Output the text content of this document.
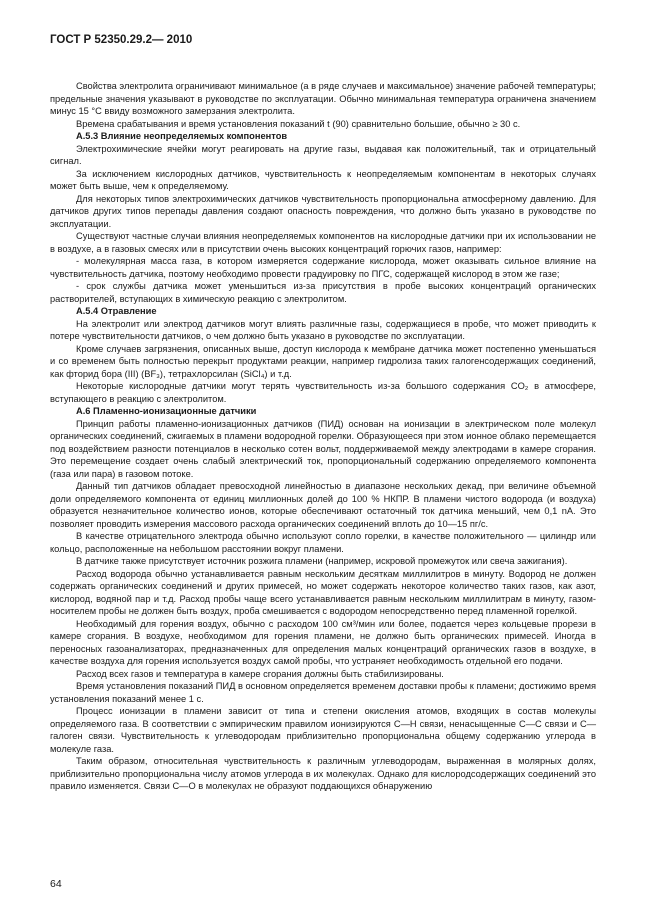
ГОСТ Р 52350.29.2— 2010

Свойства электролита ограничивают минимальное (а в ряде случаев и максимальное) значение рабочей температуры; предельные значения указывают в руководстве по эксплуатации. Обычно минимальная температура ограничена значением минус 15 °С ввиду возможного замерзания электролита.

Времена срабатывания и время установления показаний t (90) сравнительно большие, обычно ≥ 30 с.

А.5.3 Влияние неопределяемых компонентов

Электрохимические ячейки могут реагировать на другие газы, выдавая как положительный, так и отрицательный сигнал.

За исключением кислородных датчиков, чувствительность к неопределяемым компонентам в некоторых случаях может быть выше, чем к определяемому.

Для некоторых типов электрохимических датчиков чувствительность пропорциональна атмосферному давлению. Для датчиков других типов перепады давления создают опасность повреждения, что должно быть указано в руководстве по эксплуатации.

Существуют частные случаи влияния неопределяемых компонентов на кислородные датчики при их использовании не в воздухе, а в газовых смесях или в присутствии очень высоких концентраций горючих газов, например:

- молекулярная масса газа, в котором измеряется содержание кислорода, может оказывать сильное влияние на чувствительность датчика, поэтому необходимо провести градуировку по ПГС, содержащей кислород в этом же газе;

- срок службы датчика может уменьшиться из-за присутствия в пробе высоких концентраций органических растворителей, вступающих в химическую реакцию с электролитом.

А.5.4 Отравление

На электролит или электрод датчиков могут влиять различные газы, содержащиеся в пробе, что может приводить к потере чувствительности датчиков, о чем должно быть указано в руководстве по эксплуатации.

Кроме случаев загрязнения, описанных выше, доступ кислорода к мембране датчика может постепенно уменьшаться и со временем быть полностью перекрыт продуктами реакции, например гидролиза таких галогенсодержащих соединений, как фторид бора (III) (BF₃), тетрахлорсилан (SiCl₄) и т.д.

Некоторые кислородные датчики могут терять чувствительность из-за большого содержания CO₂ в атмосфере, вступающего в реакцию с электролитом.

А.6 Пламенно-ионизационные датчики

Принцип работы пламенно-ионизационных датчиков (ПИД) основан на ионизации в электрическом поле молекул органических соединений, сжигаемых в пламени водородной горелки. Образующееся при этом ионное облако перемещается под воздействием разности потенциалов в несколько сотен вольт, поддерживаемой между электродами в камере сгорания. Это перемещение создает очень слабый электрический ток, пропорциональный содержанию определяемого компонента (газа или пара) в газовом потоке.

Данный тип датчиков обладает превосходной линейностью в диапазоне нескольких декад, при величине объемной доли определяемого компонента от единиц миллионных долей до 100 % НКПР. В пламени чистого водорода (и воздуха) образуется незначительное количество ионов, которые обеспечивают остаточный ток датчика меньший, чем 0,1 nА. Это позволяет проводить измерения массового расхода органических соединений вплоть до 10—15 пг/с.

В качестве отрицательного электрода обычно используют сопло горелки, в качестве положительного — цилиндр или кольцо, расположенные на небольшом расстоянии вокруг пламени.

В датчике также присутствует источник розжига пламени (например, искровой промежуток или свеча зажигания).

Расход водорода обычно устанавливается равным нескольким десяткам миллилитров в минуту. Водород не должен содержать органических соединений и других примесей, но может содержать некоторое количество таких газов, как азот, кислород, водяной пар и т.д. Расход пробы чаще всего устанавливается равным нескольким миллилитрам в минуту, газом-носителем пробы не должен быть воздух, проба смешивается с водородом непосредственно перед пламенной горелкой.

Необходимый для горения воздух, обычно с расходом 100 см³/мин или более, подается через кольцевые прорези в камере сгорания. В воздухе, необходимом для горения пламени, не должно быть органических примесей. Иногда в переносных газоанализаторах, предназначенных для определения малых концентраций органических газов в воздухе, в качестве воздуха для горения используется воздух самой пробы, что устраняет необходимость отдельной его подачи.

Расход всех газов и температура в камере сгорания должны быть стабилизированы.

Время установления показаний ПИД в основном определяется временем доставки пробы к пламени; достижимо время установления показаний менее 1 с.

Процесс ионизации в пламени зависит от типа и степени окисления атомов, входящих в состав молекулы определяемого газа. В соответствии с эмпирическим правилом ионизируются С—Н связи, ненасыщенные С—С связи и С—галоген связи. Чувствительность к углеводородам приблизительно пропорциональна общему содержанию углерода в молекуле газа.

Таким образом, относительная чувствительность к различным углеводородам, выраженная в молярных долях, приблизительно пропорциональна числу атомов углерода в их молекулах. Однако для кислородсодержащих соединений это правило изменяется. Связи С—О в молекулах не образуют поддающихся обнаружению

64
